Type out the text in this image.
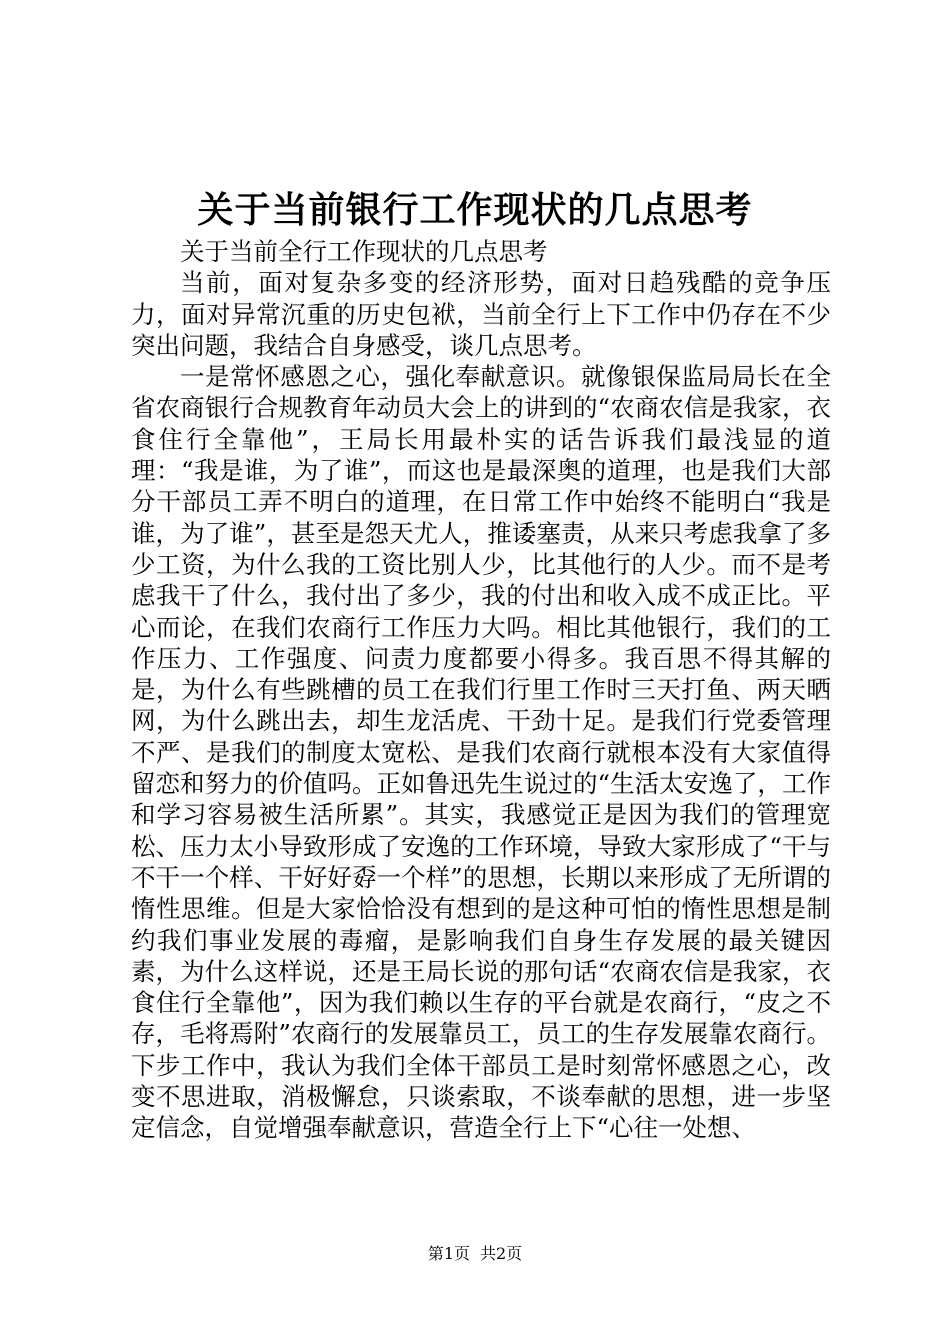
关于当前银行工作现状的几点思考

关于当前全行工作现状的几点思考

当前，面对复杂多变的经济形势，面对日趋残酷的竞争压力，面对异常沉重的历史包袱，当前全行上下工作中仍存在不少突出问题，我结合自身感受，谈几点思考。

一是常怀感恩之心，强化奉献意识。就像银保监局局长在全省农商银行合规教育年动员大会上的讲到的“农商农信是我家，衣食住行全靠他”，王局长用最朴实的话告诉我们最浅显的道理：“我是谁，为了谁”，而这也是最深奥的道理，也是我们大部分干部员工弄不明白的道理，在日常工作中始终不能明白“我是谁，为了谁”，甚至是怨天尤人，推诿塞责，从来只考虑我拿了多少工资，为什么我的工资比别人少，比其他行的人少。而不是考虑我干了什么，我付出了多少，我的付出和收入成不成正比。平心而论，在我们农商行工作压力大吗。相比其他银行，我们的工作压力、工作强度、问责力度都要小得多。我百思不得其解的是，为什么有些跳槽的员工在我们行里工作时三天打鱼、两天晒网，为什么跳出去，却生龙活虎、干劲十足。是我们行党委管理不严、是我们的制度太宽松、是我们农商行就根本没有大家值得留恋和努力的价值吗。正如鲁迅先生说过的“生活太安逸了，工作和学习容易被生活所累”。其实，我感觉正是因为我们的管理宽松、压力太小导致形成了安逸的工作环境，导致大家形成了“干与不干一个样、干好好孬一个样”的思想，长期以来形成了无所谓的惰性思维。但是大家恰恰没有想到的是这种可怕的惰性思想是制约我们事业发展的毒瘤，是影响我们自身生存发展的最关键因素，为什么这样说，还是王局长说的那句话“农商农信是我家，衣食住行全靠他”，因为我们赖以生存的平台就是农商行，“皮之不存，毛将焉附”农商行的发展靠员工，员工的生存发展靠农商行。下步工作中，我认为我们全体干部员工是时刻常怀感恩之心，改变不思进取，消极懈怠，只谈索取，不谈奉献的思想，进一步坚定信念，自觉增强奉献意识，营造全行上下“心往一处想、

第1页 共2页
